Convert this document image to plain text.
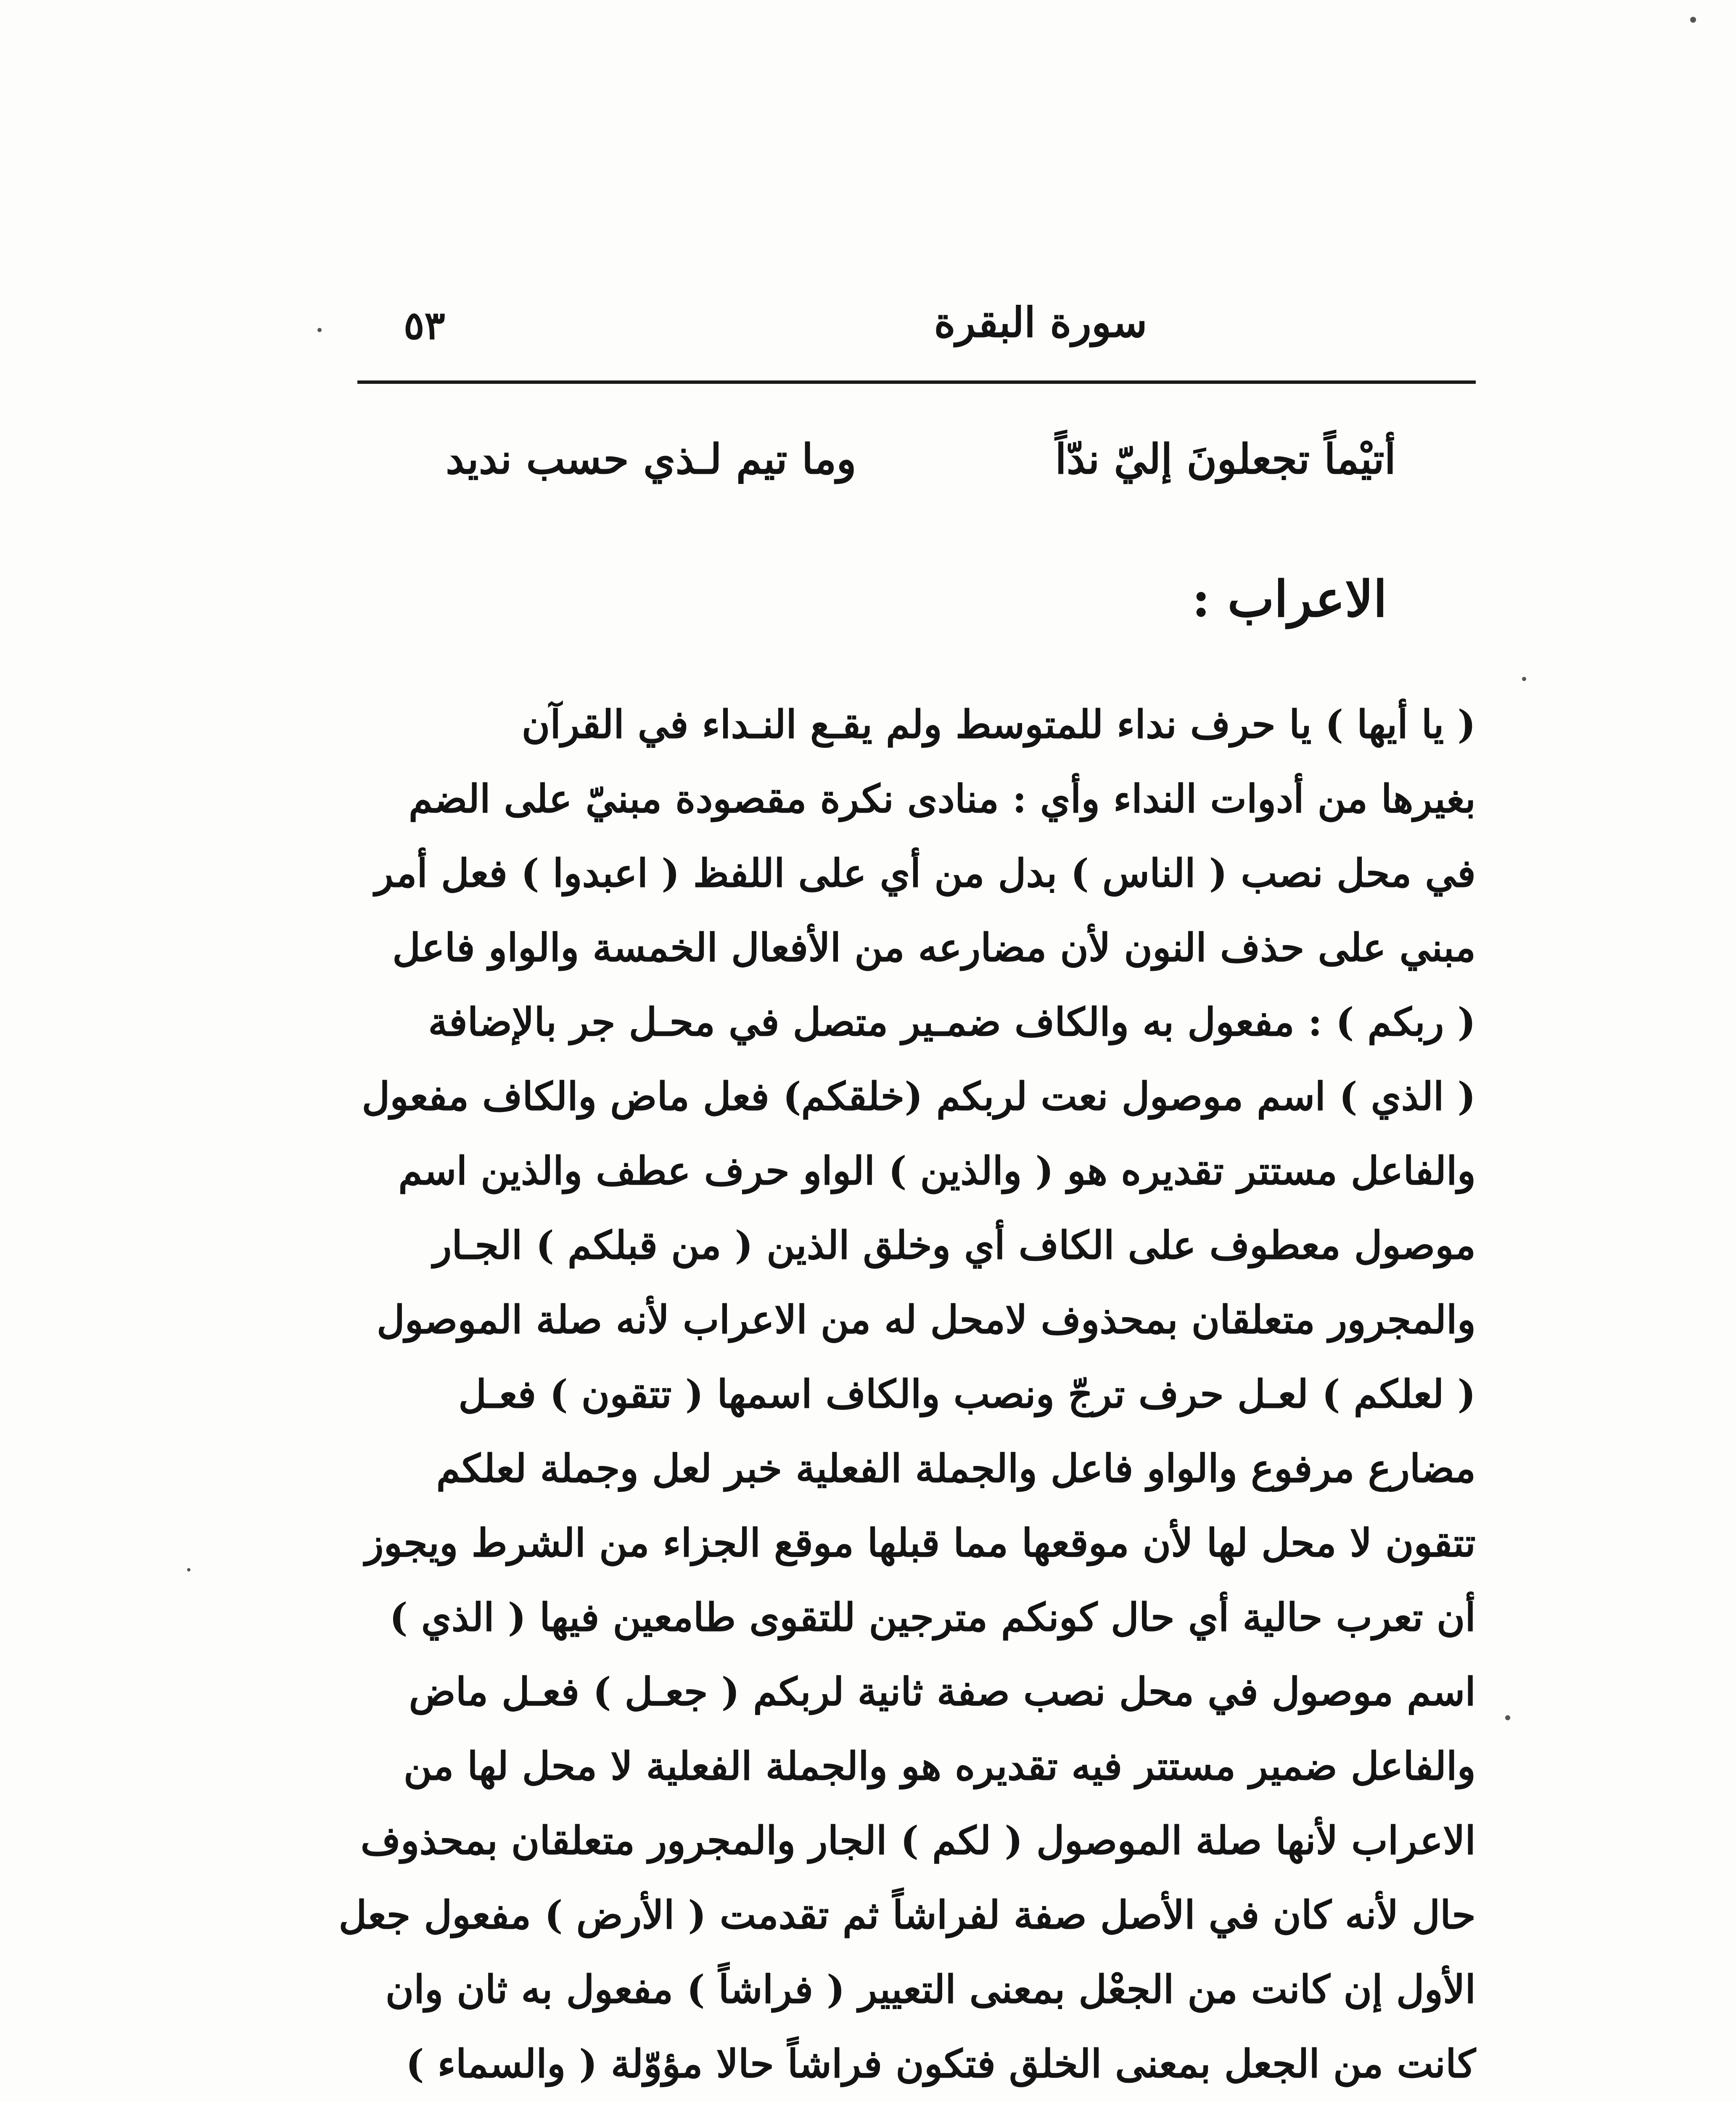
٥٣	سورة البقرة
أتيْماً تجعلونَ إليّ ندّاً
وما تيم لـذي حسب نديد
الاعراب :
( يا أيها ) يا حرف نداء للمتوسط ولم يقـع النـداء في القرآن
بغيرها من أدوات النداء وأي : منادى نكرة مقصودة مبنيّ على الضم
في محل نصب ( الناس ) بدل من أي على اللفظ ( اعبدوا ) فعل أمر
مبني على حذف النون لأن مضارعه من الأفعال الخمسة والواو فاعل
( ربكم ) : مفعول به والكاف ضمـير متصل في محـل جر بالإضافة
( الذي ) اسم موصول نعت لربكم (خلقكم) فعل ماض والكاف مفعول
والفاعل مستتر تقديره هو ( والذين ) الواو حرف عطف والذين اسم
موصول معطوف على الكاف أي وخلق الذين ( من قبلكم ) الجـار
والمجرور متعلقان بمحذوف لامحل له من الاعراب لأنه صلة الموصول
( لعلكم ) لعـل حرف ترجّ ونصب والكاف اسمها ( تتقون ) فعـل
مضارع مرفوع والواو فاعل والجملة الفعلية خبر لعل وجملة لعلكم
تتقون لا محل لها لأن موقعها مما قبلها موقع الجزاء من الشرط ويجوز
أن تعرب حالية أي حال كونكم مترجين للتقوى طامعين فيها ( الذي )
اسم موصول في محل نصب صفة ثانية لربكم ( جعـل ) فعـل ماض
والفاعل ضمير مستتر فيه تقديره هو والجملة الفعلية لا محل لها من
الاعراب لأنها صلة الموصول ( لكم ) الجار والمجرور متعلقان بمحذوف
حال لأنه كان في الأصل صفة لفراشاً ثم تقدمت ( الأرض ) مفعول جعل
الأول إن كانت من الجعْل بمعنى التعيير ( فراشاً ) مفعول به ثان وان
كانت من الجعل بمعنى الخلق فتكون فراشاً حالا مؤوّلة ( والسماء )
